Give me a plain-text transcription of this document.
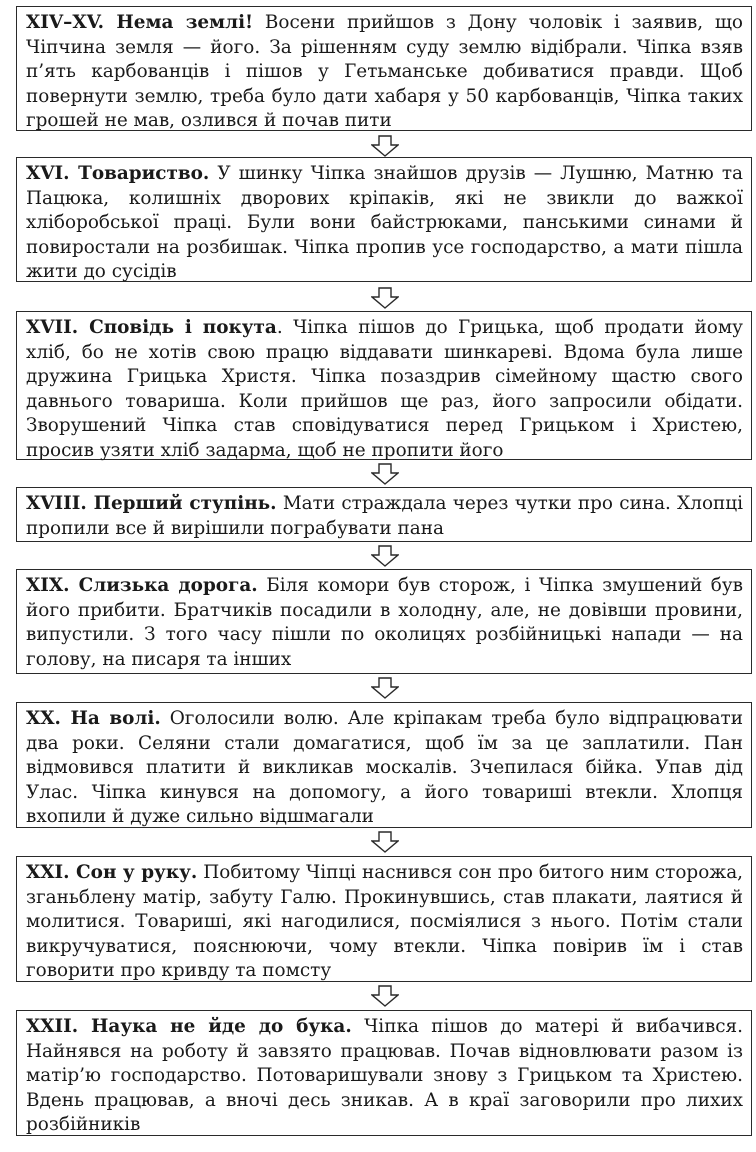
XIV–XV. Нема землі! Восени прийшов з Дону чоловік і заявив, що Чіпчина земля — його. За рішенням суду землю відібрали. Чіпка взяв п’ять карбованців і пішов у Гетьманське добиватися правди. Щоб повернути землю, треба було дати хабаря у 50 карбованців, Чіпка таких грошей не мав, озлився й почав пити
XVI. Товариство. У шинку Чіпка знайшов друзів — Лушню, Матню та Пацюка, колишніх дворових кріпаків, які не звикли до важкої хліборобської праці. Були вони байстрюками, панськими синами й повиростали на розбишак. Чіпка пропив усе господарство, а мати пішла жити до сусідів
XVII. Сповідь і покута. Чіпка пішов до Грицька, щоб продати йому хліб, бо не хотів свою працю віддавати шинкареві. Вдома була лише дружина Грицька Христя. Чіпка позаздрив сімейному щастю свого давнього товариша. Коли прийшов ще раз, його запросили обідати. Зворушений Чіпка став сповідуватися перед Грицьком і Христею, просив узяти хліб задарма, щоб не пропити його
XVIII. Перший ступінь. Мати страждала через чутки про сина. Хлопці пропили все й вирішили пограбувати пана
XIX. Слизька дорога. Біля комори був сторож, і Чіпка змушений був його прибити. Братчиків посадили в холодну, але, не довівши провини, випустили. З того часу пішли по околицях розбійницькі напади — на голову, на писаря та інших
XX. На волі. Оголосили волю. Але кріпакам треба було відпрацювати два роки. Селяни стали домагатися, щоб їм за це заплатили. Пан відмовився платити й викликав москалів. Зчепилася бійка. Упав дід Улас. Чіпка кинувся на допомогу, а його товариші втекли. Хлопця вхопили й дуже сильно відшмагали
XXI. Сон у руку. Побитому Чіпці наснився сон про битого ним сторожа, зганьблену матір, забуту Галю. Прокинувшись, став плакати, лаятися й молитися. Товариші, які нагодилися, посміялися з нього. Потім стали викручуватися, пояснюючи, чому втекли. Чіпка повірив їм і став говорити про кривду та помсту
XXII. Наука не йде до бука. Чіпка пішов до матері й вибачився. Найнявся на роботу й завзято працював. Почав відновлювати разом із матір’ю господарство. Потоваришували знову з Грицьком та Христею. Вдень працював, а вночі десь зникав. А в краї заговорили про лихих розбійників
